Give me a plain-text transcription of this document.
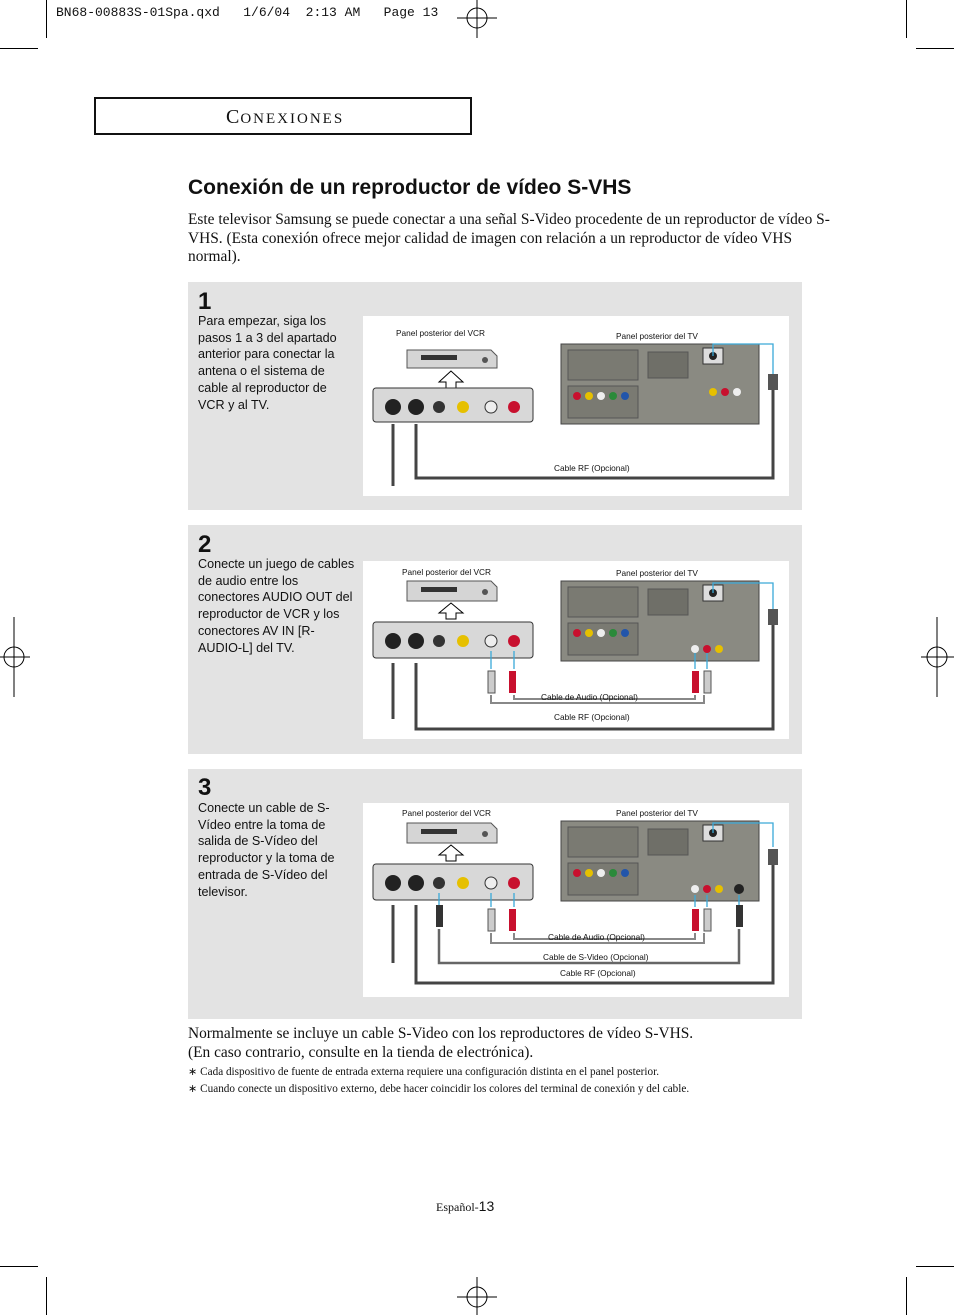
BN68-00883S-01Spa.qxd   1/6/04  2:13 AM   Page 13
CONEXIONES
Conexión de un reproductor de vídeo S-VHS
Este televisor Samsung se puede conectar a una señal S-Video procedente de un reproductor de vídeo S-VHS. (Esta conexión ofrece mejor calidad de imagen con relación a un reproductor de vídeo VHS normal).
1
Para empezar, siga los pasos 1 a 3 del apartado anterior para conectar la antena o el sistema de cable al reproductor de VCR y al TV.
Panel posterior del VCR	Panel posterior del TV
Cable RF (Opcional)
2
Conecte un juego de cables de audio entre los conectores AUDIO OUT del reproductor de VCR y los conectores AV IN [R-AUDIO-L] del TV.
Panel posterior del VCR	Panel posterior del TV
Cable de Audio (Opcional)
Cable RF (Opcional)
3
Conecte un cable de S-Vídeo entre la toma de salida de S-Vídeo del reproductor y la toma de entrada de S-Vídeo del televisor.
Panel posterior del VCR	Panel posterior del TV
Cable de Audio (Opcional)
Cable de S-Video (Opcional)
Cable RF (Opcional)
Normalmente se incluye un cable S-Video con los reproductores de vídeo S-VHS.
(En caso contrario, consulte en la tienda de electrónica).
∗ Cada dispositivo de fuente de entrada externa requiere una configuración distinta en el panel posterior.
∗ Cuando conecte un dispositivo externo, debe hacer coincidir los colores del terminal de conexión y del cable.
Español-13
